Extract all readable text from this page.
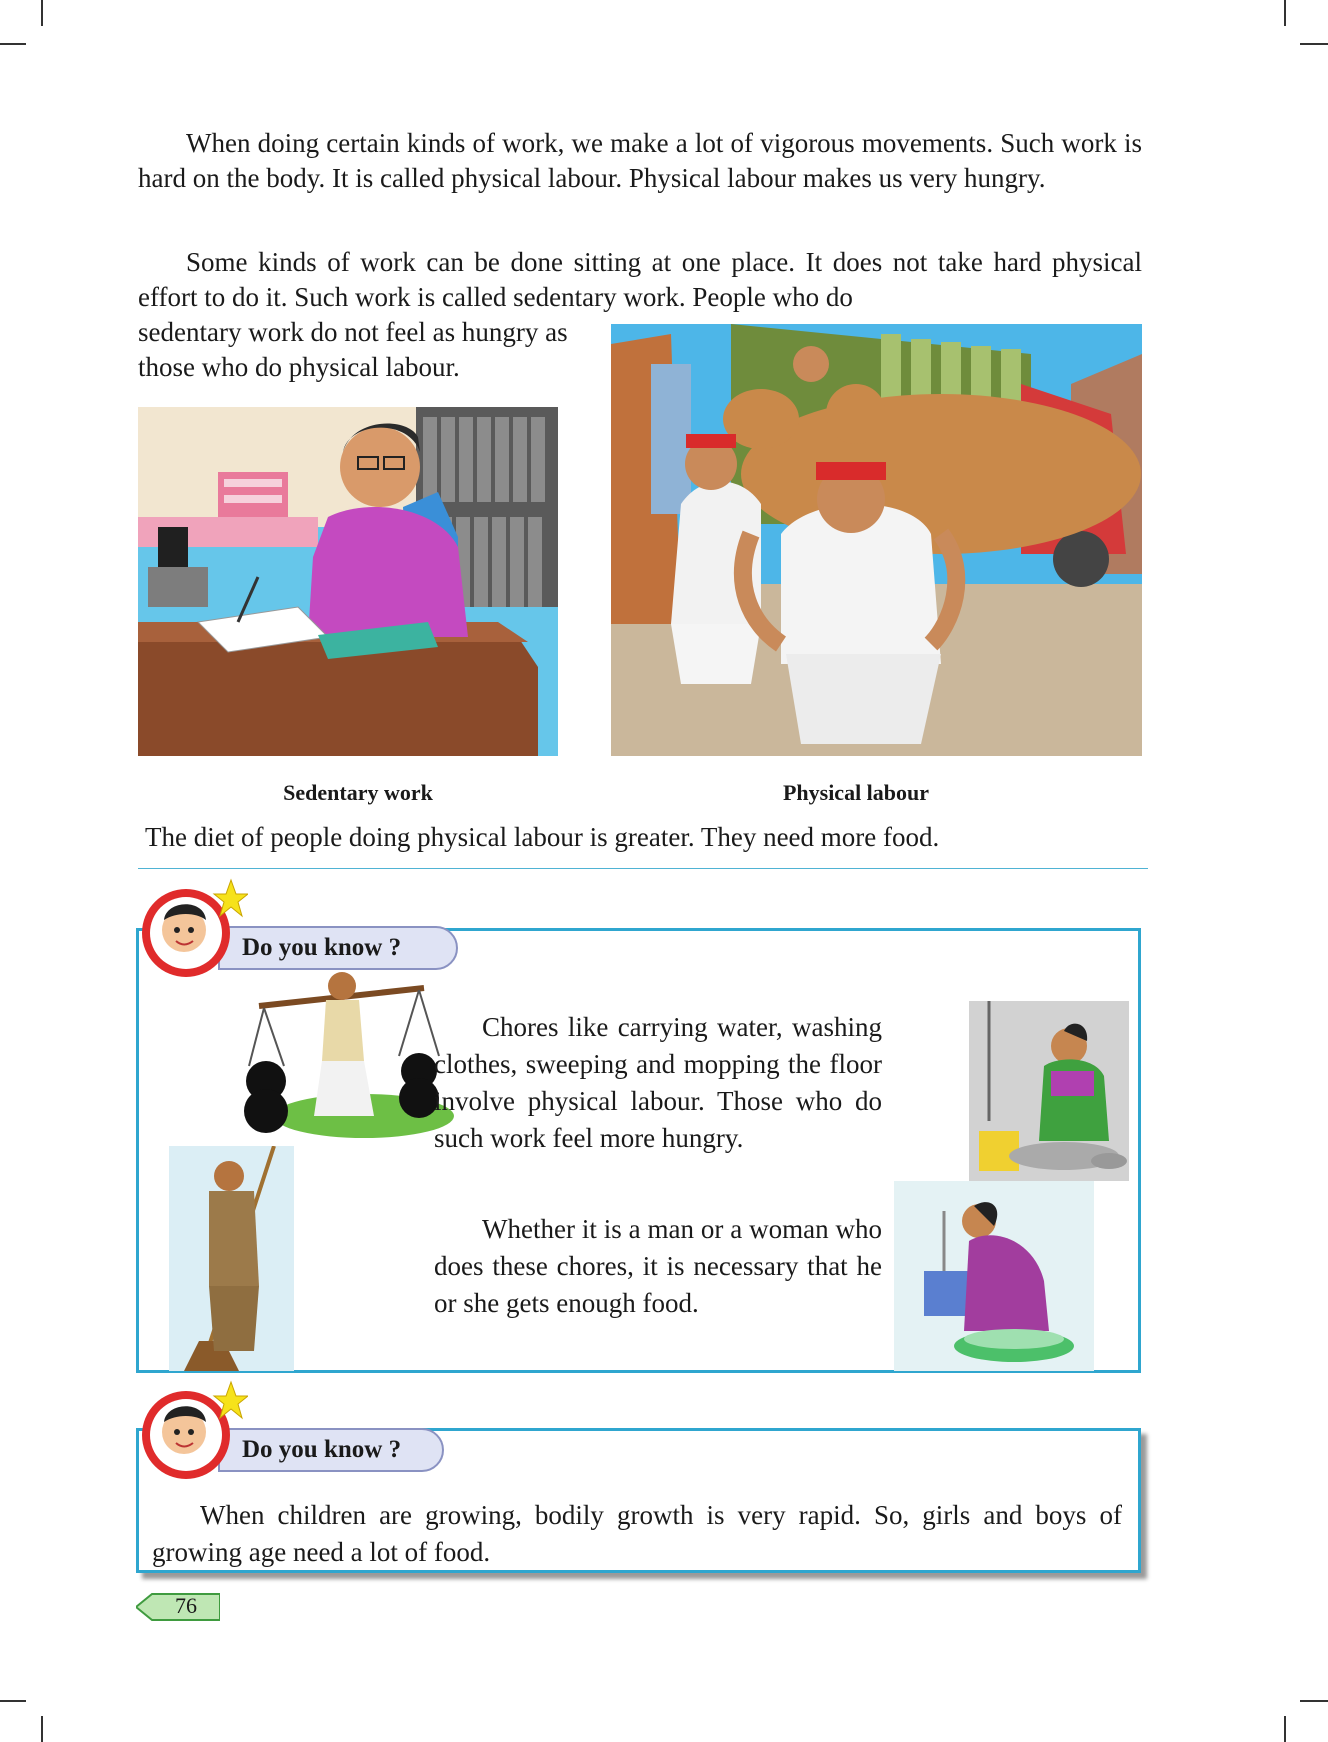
When doing certain kinds of work, we make a lot of vigorous movements. Such work is hard on the body. It is called physical labour. Physical labour makes us very hungry.

Some kinds of work can be done sitting at one place. It does not take hard physical effort to do it. Such work is called sedentary work. People who do

sedentary work do not feel as hungry as those who do physical labour.

Sedentary work	Physical labour

The diet of people doing physical labour is greater. They need more food.

Chores like carrying water, washing clothes, sweeping and mopping the floor involve physical labour. Those who do such work feel more hungry.

Whether it is a man or a woman who does these chores, it is necessary that he or she gets enough food.

Do you know ?

When children are growing, bodily growth is very rapid. So, girls and boys of growing age need a lot of food.

Do you know ?
76
